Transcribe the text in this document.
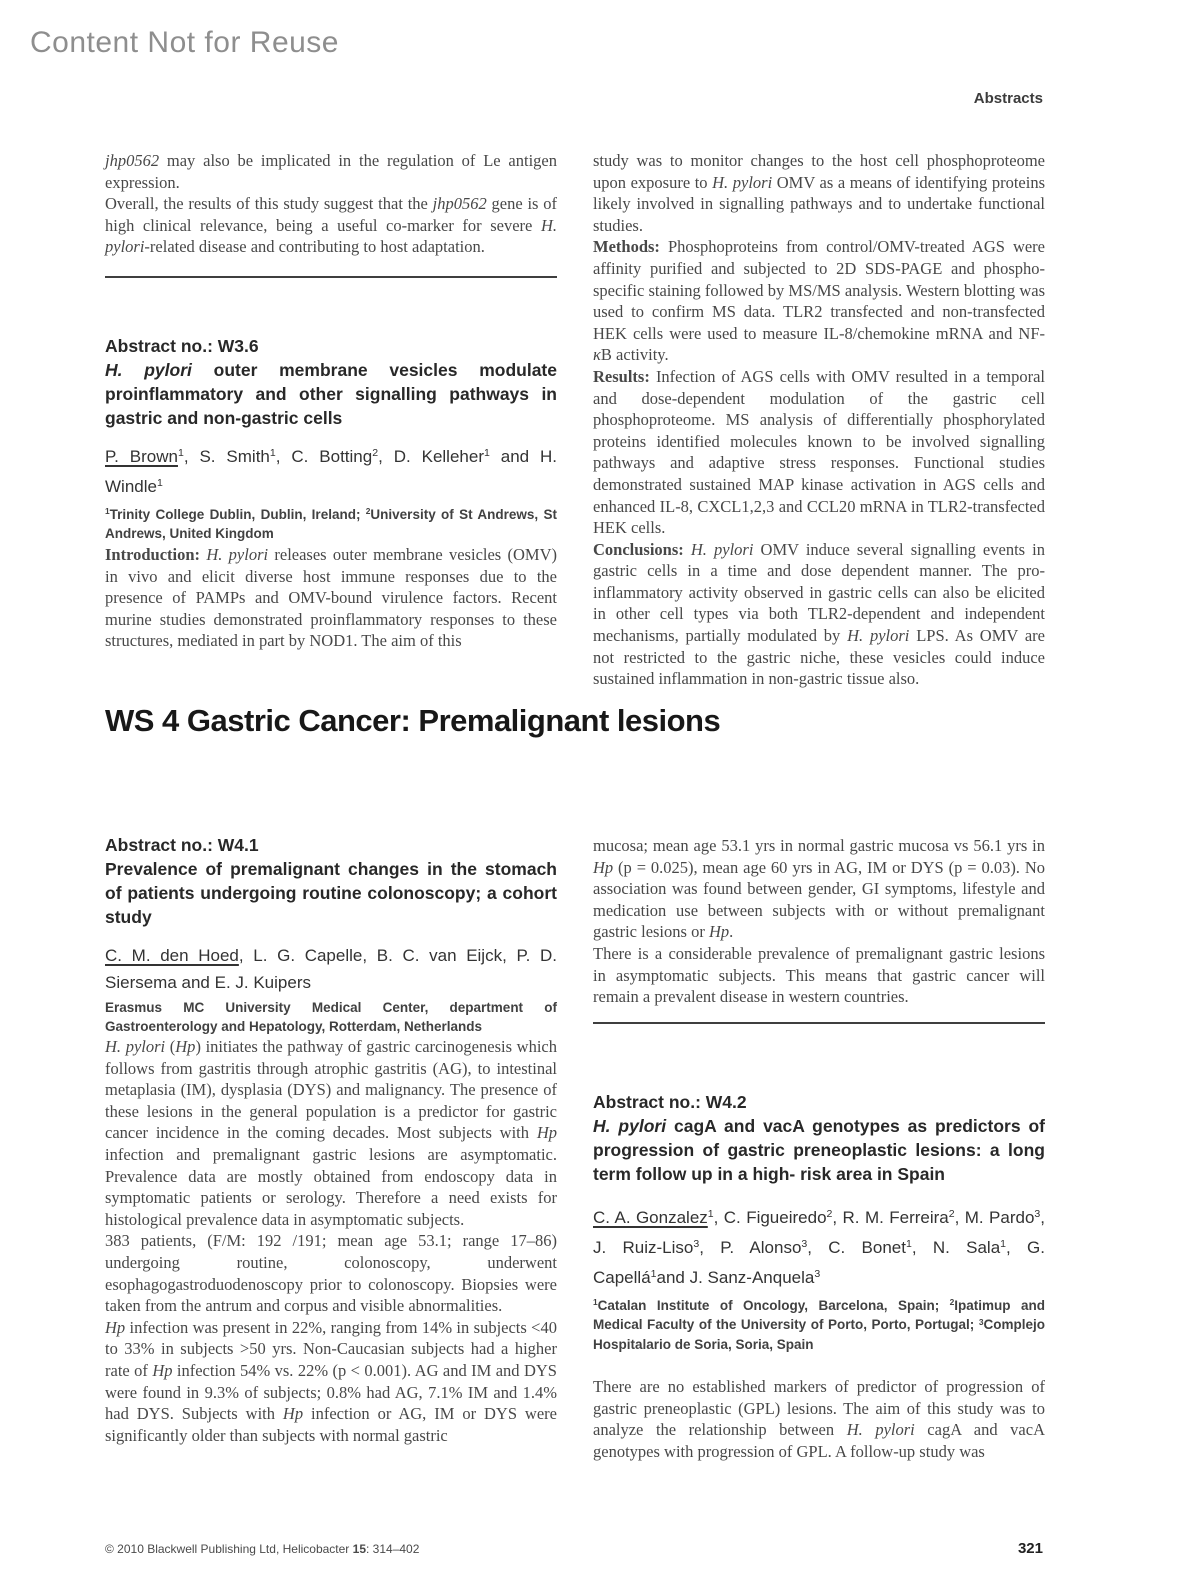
Content Not for Reuse
Abstracts

jhp0562 may also be implicated in the regulation of Le antigen expression.

Overall, the results of this study suggest that the jhp0562 gene is of high clinical relevance, being a useful co-marker for severe H. pylori-related disease and contributing to host adaptation.

Abstract no.: W3.6
H. pylori outer membrane vesicles modulate proinflammatory and other signalling pathways in gastric and non-gastric cells
P. Brown$^1$, S. Smith$^1$, C. Botting$^2$, D. Kelleher$^1$ and H. Windle$^1$
$^1$Trinity College Dublin, Dublin, Ireland; $^2$University of St Andrews, St Andrews, United Kingdom

Introduction: H. pylori releases outer membrane vesicles (OMV) in vivo and elicit diverse host immune responses due to the presence of PAMPs and OMV-bound virulence factors. Recent murine studies demonstrated proinflammatory responses to these structures, mediated in part by NOD1. The aim of this

study was to monitor changes to the host cell phosphoproteome upon exposure to H. pylori OMV as a means of identifying proteins likely involved in signalling pathways and to undertake functional studies.

Methods: Phosphoproteins from control/OMV-treated AGS were affinity purified and subjected to 2D SDS-PAGE and phospho-specific staining followed by MS/MS analysis. Western blotting was used to confirm MS data. TLR2 transfected and non-transfected HEK cells were used to measure IL-8/chemokine mRNA and NF-κB activity.

Results: Infection of AGS cells with OMV resulted in a temporal and dose-dependent modulation of the gastric cell phosphoproteome. MS analysis of differentially phosphorylated proteins identified molecules known to be involved signalling pathways and adaptive stress responses. Functional studies demonstrated sustained MAP kinase activation in AGS cells and enhanced IL-8, CXCL1,2,3 and CCL20 mRNA in TLR2-transfected HEK cells.

Conclusions: H. pylori OMV induce several signalling events in gastric cells in a time and dose dependent manner. The pro-inflammatory activity observed in gastric cells can also be elicited in other cell types via both TLR2-dependent and independent mechanisms, partially modulated by H. pylori LPS. As OMV are not restricted to the gastric niche, these vesicles could induce sustained inflammation in non-gastric tissue also.

WS 4 Gastric Cancer: Premalignant lesions
Abstract no.: W4.1
Prevalence of premalignant changes in the stomach of patients undergoing routine colonoscopy; a cohort study
C. M. den Hoed, L. G. Capelle, B. C. van Eijck, P. D. Siersema and E. J. Kuipers
Erasmus MC University Medical Center, department of Gastroenterology and Hepatology, Rotterdam, Netherlands

H. pylori (Hp) initiates the pathway of gastric carcinogenesis which follows from gastritis through atrophic gastritis (AG), to intestinal metaplasia (IM), dysplasia (DYS) and malignancy. The presence of these lesions in the general population is a predictor for gastric cancer incidence in the coming decades. Most subjects with Hp infection and premalignant gastric lesions are asymptomatic. Prevalence data are mostly obtained from endoscopy data in symptomatic patients or serology. Therefore a need exists for histological prevalence data in asymptomatic subjects.

383 patients, (F/M: 192 /191; mean age 53.1; range 17–86) undergoing routine, colonoscopy, underwent esophagogastroduodenoscopy prior to colonoscopy. Biopsies were taken from the antrum and corpus and visible abnormalities.

Hp infection was present in 22%, ranging from 14% in subjects <40 to 33% in subjects >50 yrs. Non-Caucasian subjects had a higher rate of Hp infection 54% vs. 22% (p < 0.001). AG and IM and DYS were found in 9.3% of subjects; 0.8% had AG, 7.1% IM and 1.4% had DYS. Subjects with Hp infection or AG, IM or DYS were significantly older than subjects with normal gastric

mucosa; mean age 53.1 yrs in normal gastric mucosa vs 56.1 yrs in Hp (p = 0.025), mean age 60 yrs in AG, IM or DYS (p = 0.03). No association was found between gender, GI symptoms, lifestyle and medication use between subjects with or without premalignant gastric lesions or Hp.

There is a considerable prevalence of premalignant gastric lesions in asymptomatic subjects. This means that gastric cancer will remain a prevalent disease in western countries.

Abstract no.: W4.2
H. pylori cagA and vacA genotypes as predictors of progression of gastric preneoplastic lesions: a long term follow up in a high- risk area in Spain
C. A. Gonzalez$^1$, C. Figueiredo$^2$, R. M. Ferreira$^2$, M. Pardo$^3$, J. Ruiz-Liso$^3$, P. Alonso$^3$, C. Bonet$^1$, N. Sala$^1$, G. Capellá$^1$and J. Sanz-Anquela$^3$
$^1$Catalan Institute of Oncology, Barcelona, Spain; $^2$Ipatimup and Medical Faculty of the University of Porto, Porto, Portugal; $^3$Complejo Hospitalario de Soria, Soria, Spain

There are no established markers of predictor of progression of gastric preneoplastic (GPL) lesions. The aim of this study was to analyze the relationship between H. pylori cagA and vacA genotypes with progression of GPL. A follow-up study was

© 2010 Blackwell Publishing Ltd, Helicobacter 15: 314–402	321
